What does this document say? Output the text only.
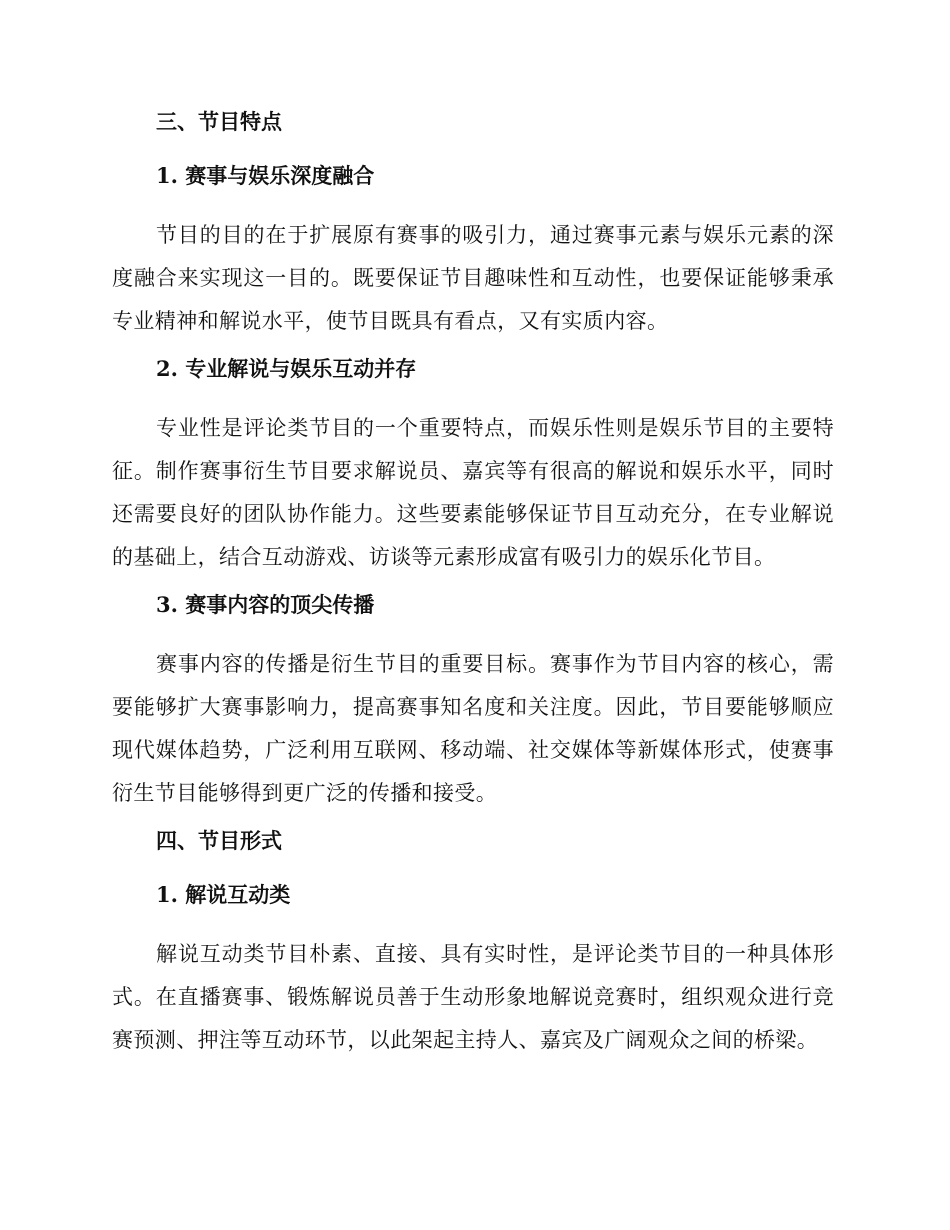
三、节目特点
1. 赛事与娱乐深度融合

节目的目的在于扩展原有赛事的吸引力，通过赛事元素与娱乐元素的深度融合来实现这一目的。既要保证节目趣味性和互动性，也要保证能够秉承专业精神和解说水平，使节目既具有看点，又有实质内容。

2. 专业解说与娱乐互动并存

专业性是评论类节目的一个重要特点，而娱乐性则是娱乐节目的主要特征。制作赛事衍生节目要求解说员、嘉宾等有很高的解说和娱乐水平，同时还需要良好的团队协作能力。这些要素能够保证节目互动充分，在专业解说的基础上，结合互动游戏、访谈等元素形成富有吸引力的娱乐化节目。

3. 赛事内容的顶尖传播

赛事内容的传播是衍生节目的重要目标。赛事作为节目内容的核心，需要能够扩大赛事影响力，提高赛事知名度和关注度。因此，节目要能够顺应现代媒体趋势，广泛利用互联网、移动端、社交媒体等新媒体形式，使赛事衍生节目能够得到更广泛的传播和接受。

四、节目形式
1. 解说互动类

解说互动类节目朴素、直接、具有实时性，是评论类节目的一种具体形式。在直播赛事、锻炼解说员善于生动形象地解说竞赛时，组织观众进行竞赛预测、押注等互动环节，以此架起主持人、嘉宾及广阔观众之间的桥梁。
